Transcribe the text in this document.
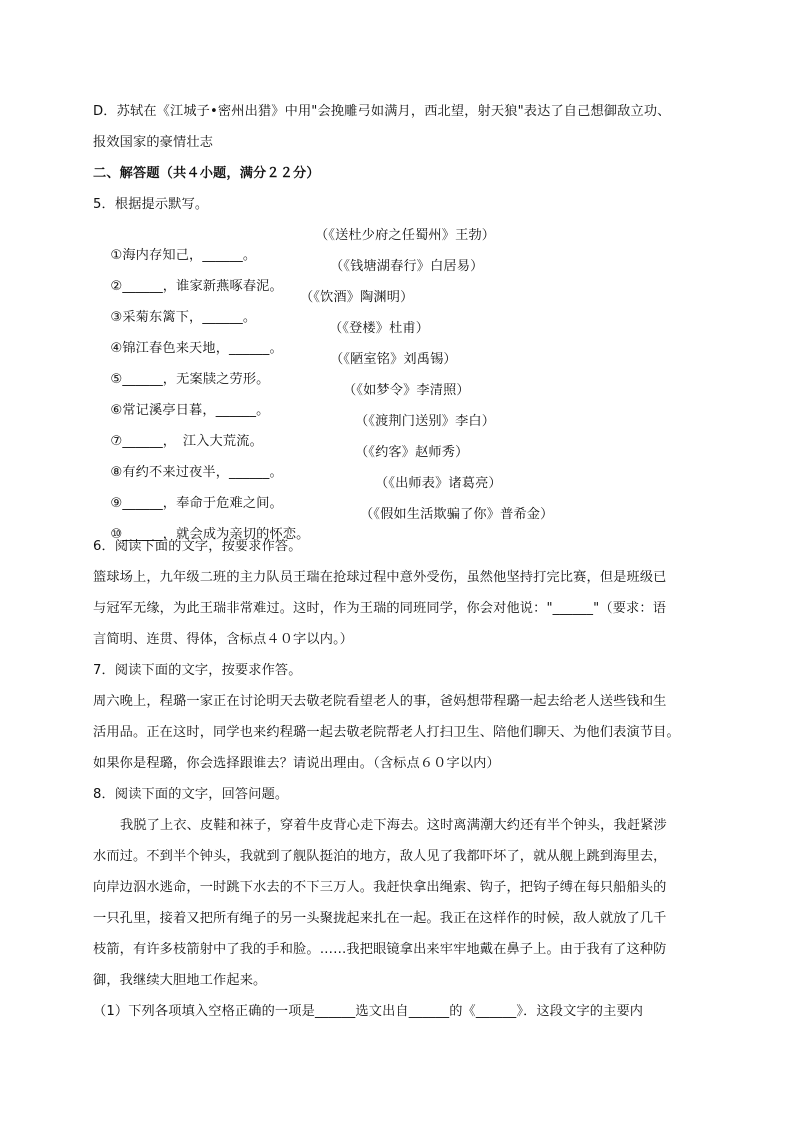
D．苏轼在《江城子•密州出猎》中用"会挽雕弓如满月，西北望，射天狼"表达了自己想御敌立功、
报效国家的豪情壮志
二、解答题（共４小题，满分２２分）
5．根据提示默写。

①海内存知己，______。

（《送杜少府之任蜀州》王勃）

②______，谁家新燕啄春泥。

（《钱塘湖春行》白居易）

③采菊东篱下，______。

（《饮酒》陶渊明）

④锦江春色来天地，______。

（《登楼》杜甫）

⑤______，无案牍之劳形。

（《陋室铭》刘禹锡）

⑥常记溪亭日暮，______。

（《如梦令》李清照）

⑦______，　江入大荒流。

（《渡荆门送别》李白）

⑧有约不来过夜半，______。

（《约客》赵师秀）

⑨______，奉命于危难之间。

（《出师表》诸葛亮）

⑩______，就会成为亲切的怀恋。

（《假如生活欺骗了你》普希金）

6．阅读下面的文字，按要求作答。
篮球场上，九年级二班的主力队员王瑞在抢球过程中意外受伤，虽然他坚持打完比赛，但是班级已
与冠军无缘，为此王瑞非常难过。这时，作为王瑞的同班同学，你会对他说："______"（要求：语
言简明、连贯、得体，含标点４０字以内。）
7．阅读下面的文字，按要求作答。
周六晚上，程璐一家正在讨论明天去敬老院看望老人的事，爸妈想带程璐一起去给老人送些钱和生
活用品。正在这时，同学也来约程璐一起去敬老院帮老人打扫卫生、陪他们聊天、为他们表演节目。
如果你是程璐，你会选择跟谁去？请说出理由。（含标点６０字以内）
8．阅读下面的文字，回答问题。
我脱了上衣、皮鞋和袜子，穿着牛皮背心走下海去。这时离满潮大约还有半个钟头，我赶紧涉
水而过。不到半个钟头，我就到了舰队挺泊的地方，敌人见了我都吓坏了，就从舰上跳到海里去，
向岸边泅水逃命，一时跳下水去的不下三万人。我赶快拿出绳索、钩子，把钩子缚在每只船船头的
一只孔里，接着又把所有绳子的另一头聚拢起来扎在一起。我正在这样作的时候，敌人就放了几千
枝箭，有许多枝箭射中了我的手和脸。……我把眼镜拿出来牢牢地戴在鼻子上。由于我有了这种防
御，我继续大胆地工作起来。
（1）下列各项填入空格正确的一项是______选文出自______的《______》．这段文字的主要内
